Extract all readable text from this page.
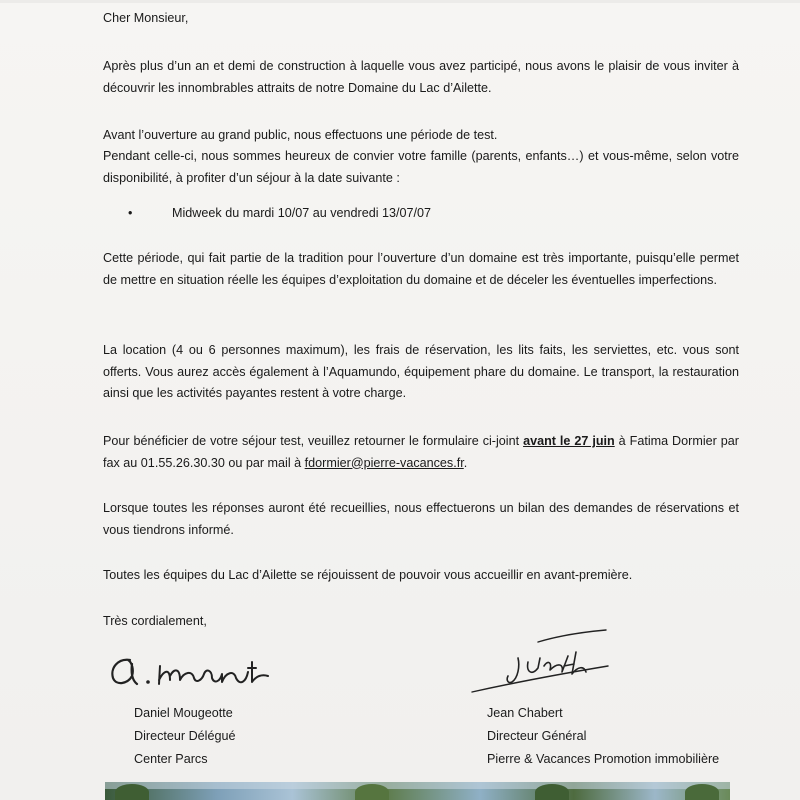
Cher Monsieur,
Après plus d’un an et demi de construction à laquelle vous avez participé, nous avons le plaisir de vous inviter à découvrir les innombrables attraits de notre Domaine du Lac d’Ailette.
Avant l’ouverture au grand public, nous effectuons une période de test.
Pendant celle-ci, nous sommes heureux de convier votre famille (parents, enfants…) et vous-même, selon votre disponibilité, à profiter d’un séjour à la date suivante :
•	Midweek du mardi 10/07 au vendredi 13/07/07
Cette période, qui fait partie de la tradition pour l’ouverture d’un domaine est très importante, puisqu’elle permet de mettre en situation réelle les équipes d’exploitation du domaine et de déceler les éventuelles imperfections.
La location (4 ou 6 personnes maximum), les frais de réservation, les lits faits, les serviettes, etc. vous sont offerts. Vous aurez accès également à l’Aquamundo, équipement phare du domaine. Le transport, la restauration ainsi que les activités payantes restent à votre charge.
Pour bénéficier de votre séjour test, veuillez retourner le formulaire ci-joint avant le 27 juin à Fatima Dormier par fax au 01.55.26.30.30 ou par mail à fdormier@pierre-vacances.fr.
Lorsque toutes les réponses auront été recueillies, nous effectuerons un bilan des demandes de réservations et vous tiendrons informé.
Toutes les équipes du Lac d’Ailette se réjouissent de pouvoir vous accueillir en avant-première.
Très cordialement,
Daniel Mougeotte
Directeur Délégué
Center Parcs
Jean Chabert
Directeur Général
Pierre & Vacances Promotion immobilière
